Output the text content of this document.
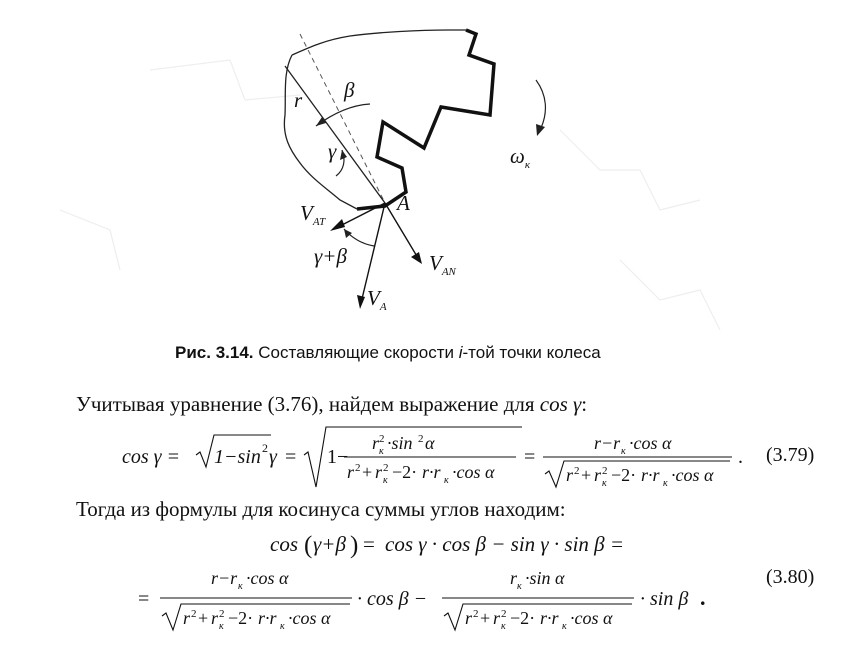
r β
γ
A
$V_{AT}$
γ+β	$V_{AN}$
$V_A$
$\omega_к$
Рис. 3.14. Составляющие скорости i-той точки колеса
Учитывая уравнение (3.76), найдем выражение для cos γ:
cos γ = 1−sin 2 γ = 1−
r 2
к ·sin 2 α
r 2 + r 2
к −2· r·r к ·cos α
=
r−r к ·cos α
r 2 + r 2
к −2· r·r к ·cos α
. (3.79)
Тогда из формулы для косинуса суммы углов находим:
cos ( γ+β ) = cos γ · cos β − sin γ · sin β =
=
r−r к ·cos α
r 2 + r 2
к −2· r·r к ·cos α
· cos β −
r к ·sin α
r 2 + r 2
к −2· r·r к ·cos α
· sin β .
(3.80)
